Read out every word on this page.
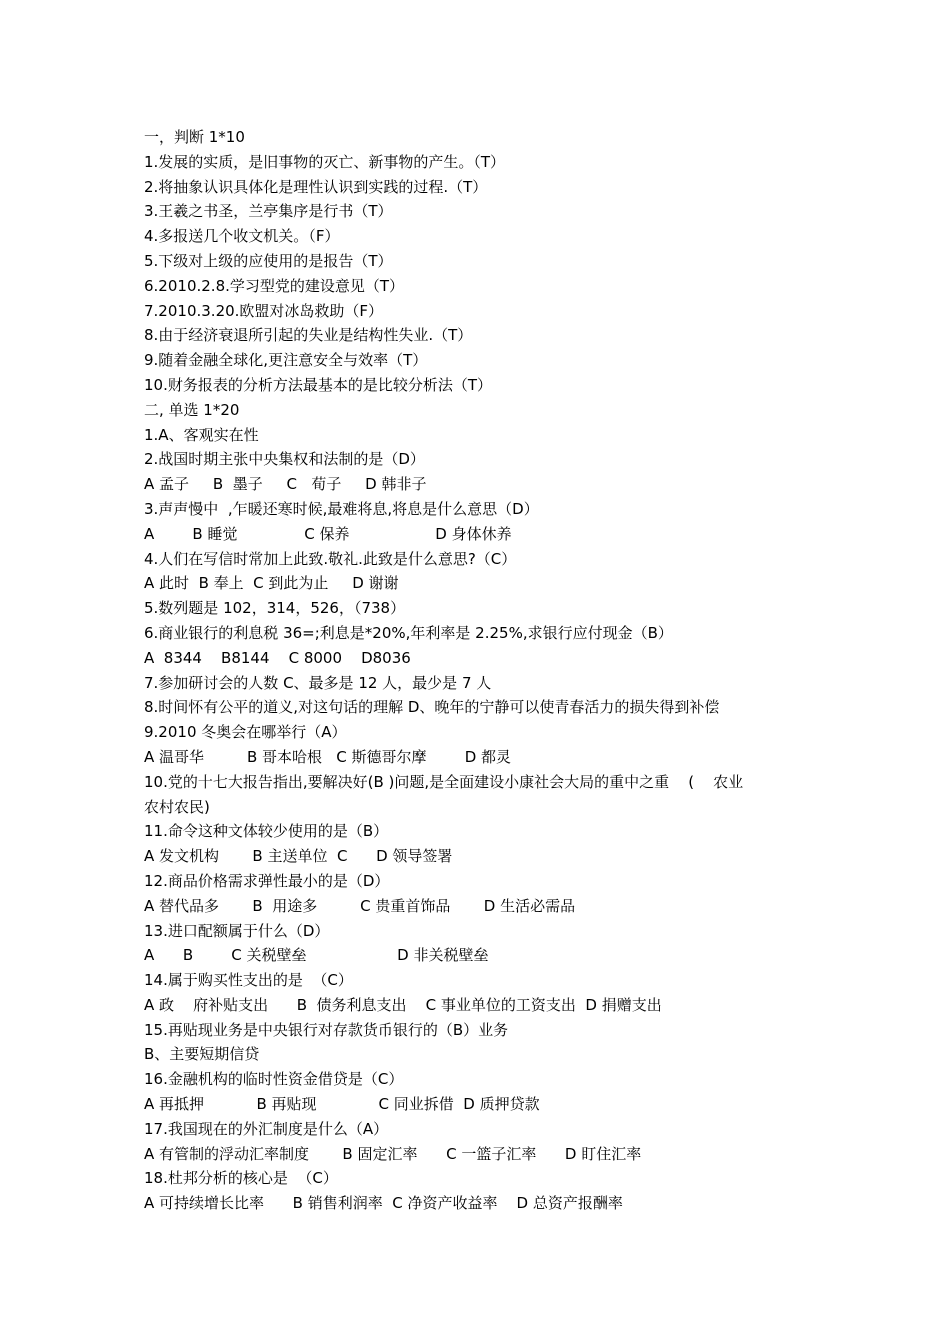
一，判断 1*10
1.发展的实质，是旧事物的灭亡、新事物的产生。（T）
2.将抽象认识具体化是理性认识到实践的过程.（T）
3.王羲之书圣，兰亭集序是行书（T）
4.多报送几个收文机关。（F）
5.下级对上级的应使用的是报告（T）
6.2010.2.8.学习型党的建设意见（T）
7.2010.3.20.欧盟对冰岛救助（F）
8.由于经济衰退所引起的失业是结构性失业.（T）
9.随着金融全球化,更注意安全与效率（T）
10.财务报表的分析方法最基本的是比较分析法（T）
二, 单选 1*20
1.A、客观实在性
2.战国时期主张中央集权和法制的是（D）
A 孟子     B  墨子     C   荀子     D 韩非子
3.声声慢中  ,乍暖还寒时候,最难将息,将息是什么意思（D）
A        B 睡觉              C 保养                  D 身体休养
4.人们在写信时常加上此致.敬礼.此致是什么意思?（C）
A 此时  B 奉上  C 到此为止     D 谢谢
5.数列题是 102，314，526，（738）
6.商业银行的利息税 36=;利息是*20%,年利率是 2.25%,求银行应付现金（B）
A  8344    B8144    C 8000    D8036
7.参加研讨会的人数 C、最多是 12 人，最少是 7 人
8.时间怀有公平的道义,对这句话的理解 D、晚年的宁静可以使青春活力的损失得到补偿
9.2010 冬奥会在哪举行（A）
A 温哥华         B 哥本哈根   C 斯德哥尔摩        D 都灵
10.党的十七大报告指出,要解决好(B )问题,是全面建设小康社会大局的重中之重    (    农业
农村农民)
11.命令这种文体较少使用的是（B）
A 发文机构       B 主送单位  C      D 领导签署
12.商品价格需求弹性最小的是（D）
A 替代品多       B  用途多         C 贵重首饰品       D 生活必需品
13.进口配额属于什么（D）
A      B        C 关税壁垒                   D 非关税壁垒
14.属于购买性支出的是  （C）
A 政    府补贴支出      B  债务利息支出    C 事业单位的工资支出  D 捐赠支出
15.再贴现业务是中央银行对存款货币银行的（B）业务
B、主要短期信贷
16.金融机构的临时性资金借贷是（C）
A 再抵押           B 再贴现             C 同业拆借  D 质押贷款
17.我国现在的外汇制度是什么（A）
A 有管制的浮动汇率制度       B 固定汇率      C 一篮子汇率      D 盯住汇率
18.杜邦分析的核心是  （C）
A 可持续增长比率      B 销售利润率  C 净资产收益率    D 总资产报酬率
